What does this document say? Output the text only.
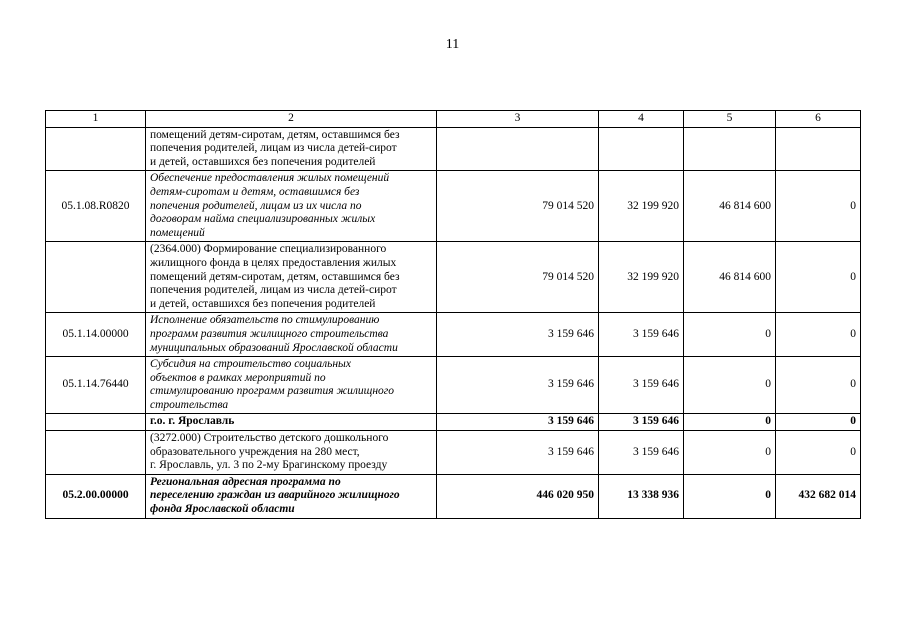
11
1	2	3	4	5	6

	помещений детям-сиротам, детям, оставшимся без
попечения родителей, лицам из числа детей-сирот
и детей, оставшихся без попечения родителей				

05.1.08.R0820	Обеспечение предоставления жилых помещений
детям-сиротам и детям, оставшимся без
попечения родителей, лицам из их числа по
договорам найма специализированных жилых
помещений	79 014 520	32 199 920	46 814 600	0

	(2364.000) Формирование специализированного
жилищного фонда в целях предоставления жилых
помещений детям-сиротам, детям, оставшимся без
попечения родителей, лицам из числа детей-сирот
и детей, оставшихся без попечения родителей	79 014 520	32 199 920	46 814 600	0
05.1.14.00000	Исполнение обязательств по стимулированию
программ развития жилищного строительства
муниципальных образований Ярославской области	3 159 646	3 159 646	0	0
05.1.14.76440	Субсидия на строительство социальных
объектов в рамках мероприятий по
стимулированию программ развития жилищного
строительства	3 159 646	3 159 646	0	0

	г.о. г. Ярославль	3 159 646	3 159 646	0	0

	(3272.000) Строительство детского дошкольного
образовательного учреждения на 280 мест,
г. Ярославль, ул. 3 по 2-му Брагинскому проезду	3 159 646	3 159 646	0	0
05.2.00.00000	Региональная адресная программа по
переселению граждан из аварийного жилищного
фонда Ярославской области	446 020 950	13 338 936	0	432 682 014
